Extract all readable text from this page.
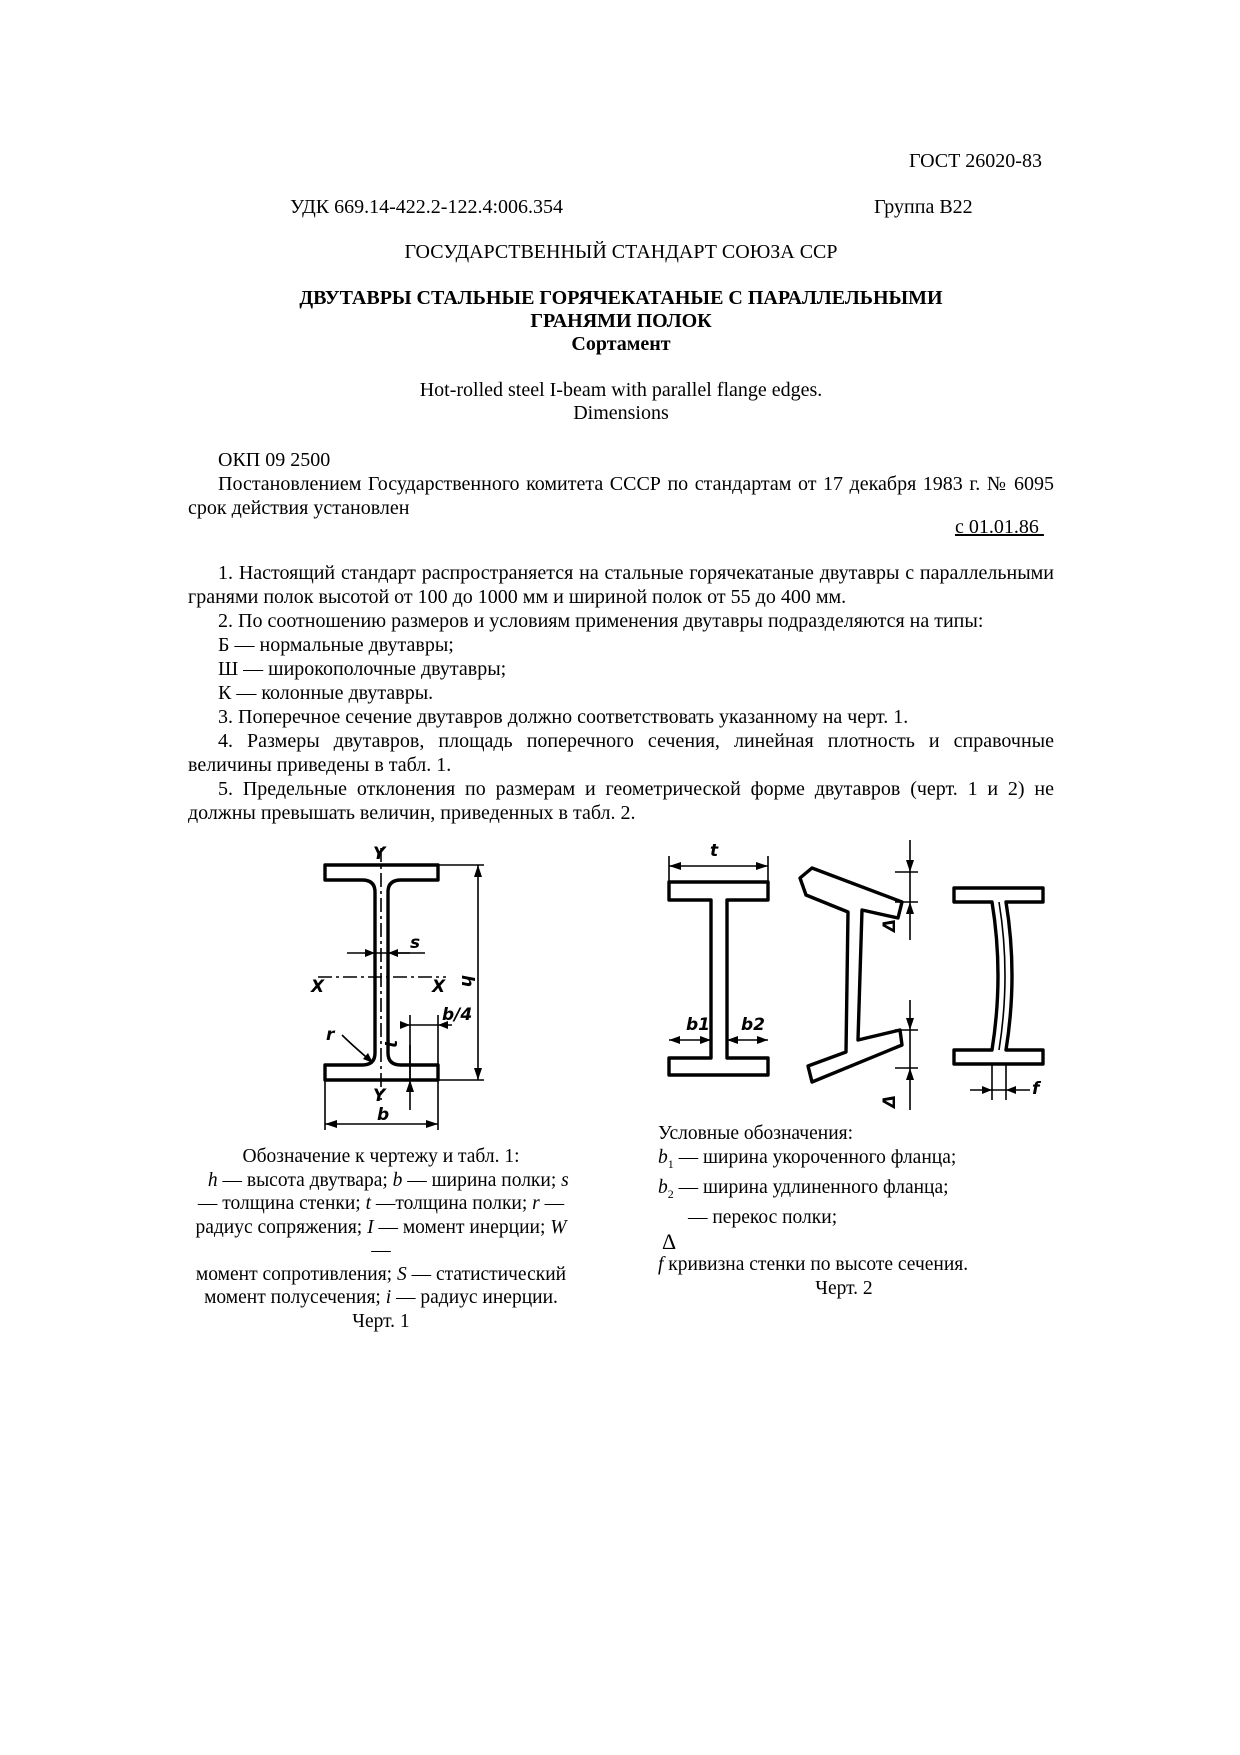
ГОСТ 26020-83
УДК 669.14-422.2-122.4:006.354	Группа В22
ГОСУДАРСТВЕННЫЙ СТАНДАРТ СОЮЗА ССР
ДВУТАВРЫ СТАЛЬНЫЕ ГОРЯЧЕКАТАНЫЕ С ПАРАЛЛЕЛЬНЫМИ
ГРАНЯМИ ПОЛОК
Сортамент
Hot-rolled steel I-beam with parallel flange edges.
Dimensions

ОКП 09 2500

Постановлением Государственного комитета СССР по стандартам от 17 декабря 1983 г. № 6095 срок действия установлен

с 01.01.86

1. Настоящий стандарт распространяется на стальные горячекатаные двутавры с параллельными гранями полок высотой от 100 до 1000 мм и шириной полок от 55 до 400 мм.

2. По соотношению размеров и условиям применения двутавры подразделяются на типы:

Б — нормальные двутавры;

Ш — широкополочные двутавры;

К — колонные двутавры.

3. Поперечное сечение двутавров должно соответствовать указанному на черт. 1.

4. Размеры двутавров, площадь поперечного сечения, линейная плотность и справочные величины приведены в табл. 1.

5. Предельные отклонения по размерам и геометрической форме двутавров (черт. 1 и 2) не должны превышать величин, приведенных в табл. 2.

Y
X	X
s
h
b/4
r	t
Y
b
t
b1 b2
Δ
Δ
f
Обозначение к чертежу и табл. 1:
h — высота двутвара; b — ширина полки; s
— толщина стенки; t —толщина полки; r —
радиус сопряжения; I — момент инерции; W —
момент сопротивления; S — статистический
момент полусечения; i — радиус инерции.
Черт. 1
Условные обозначения:
$b_1$ — ширина укороченного фланца;
$b_2$ — ширина удлиненного фланца;
— перекос полки;
Δ
f кривизна стенки по высоте сечения.
Черт. 2
